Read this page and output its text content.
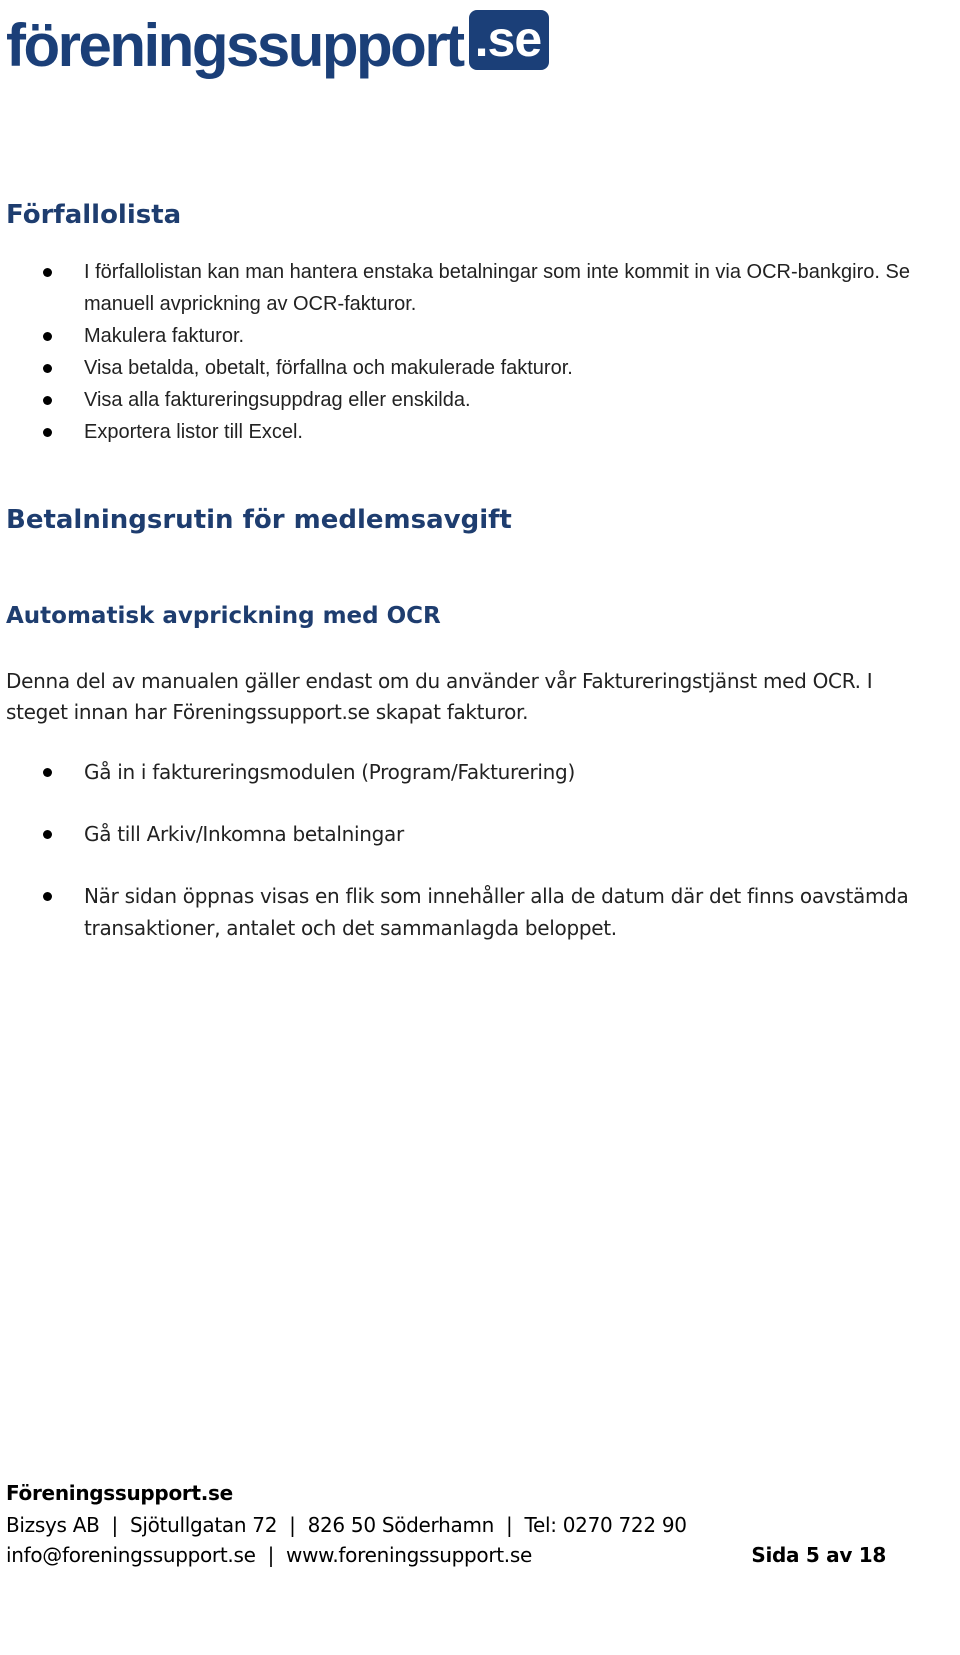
förenings support .se
Förfallolista
I förfallolistan kan man hantera enstaka betalningar som inte kommit in via OCR-bankgiro. Se manuell avprickning av OCR-fakturor.
Makulera fakturor.
Visa betalda, obetalt, förfallna och makulerade fakturor.
Visa alla faktureringsuppdrag eller enskilda.
Exportera listor till Excel.
Betalningsrutin för medlemsavgift
Automatisk avprickning med OCR

Denna del av manualen gäller endast om du använder vår Faktureringstjänst med OCR. I steget innan har Föreningssupport.se skapat fakturor.

Gå in i faktureringsmodulen (Program/Fakturering)
Gå till Arkiv/Inkomna betalningar
När sidan öppnas visas en flik som innehåller alla de datum där det finns oavstämda transaktioner, antalet och det sammanlagda beloppet.
Föreningssupport.se
Bizsys AB | Sjötullgatan 72 | 826 50 Söderhamn | Tel: 0270 722 90
info@foreningssupport.se | www.foreningssupport.se	Sida 5 av 18
